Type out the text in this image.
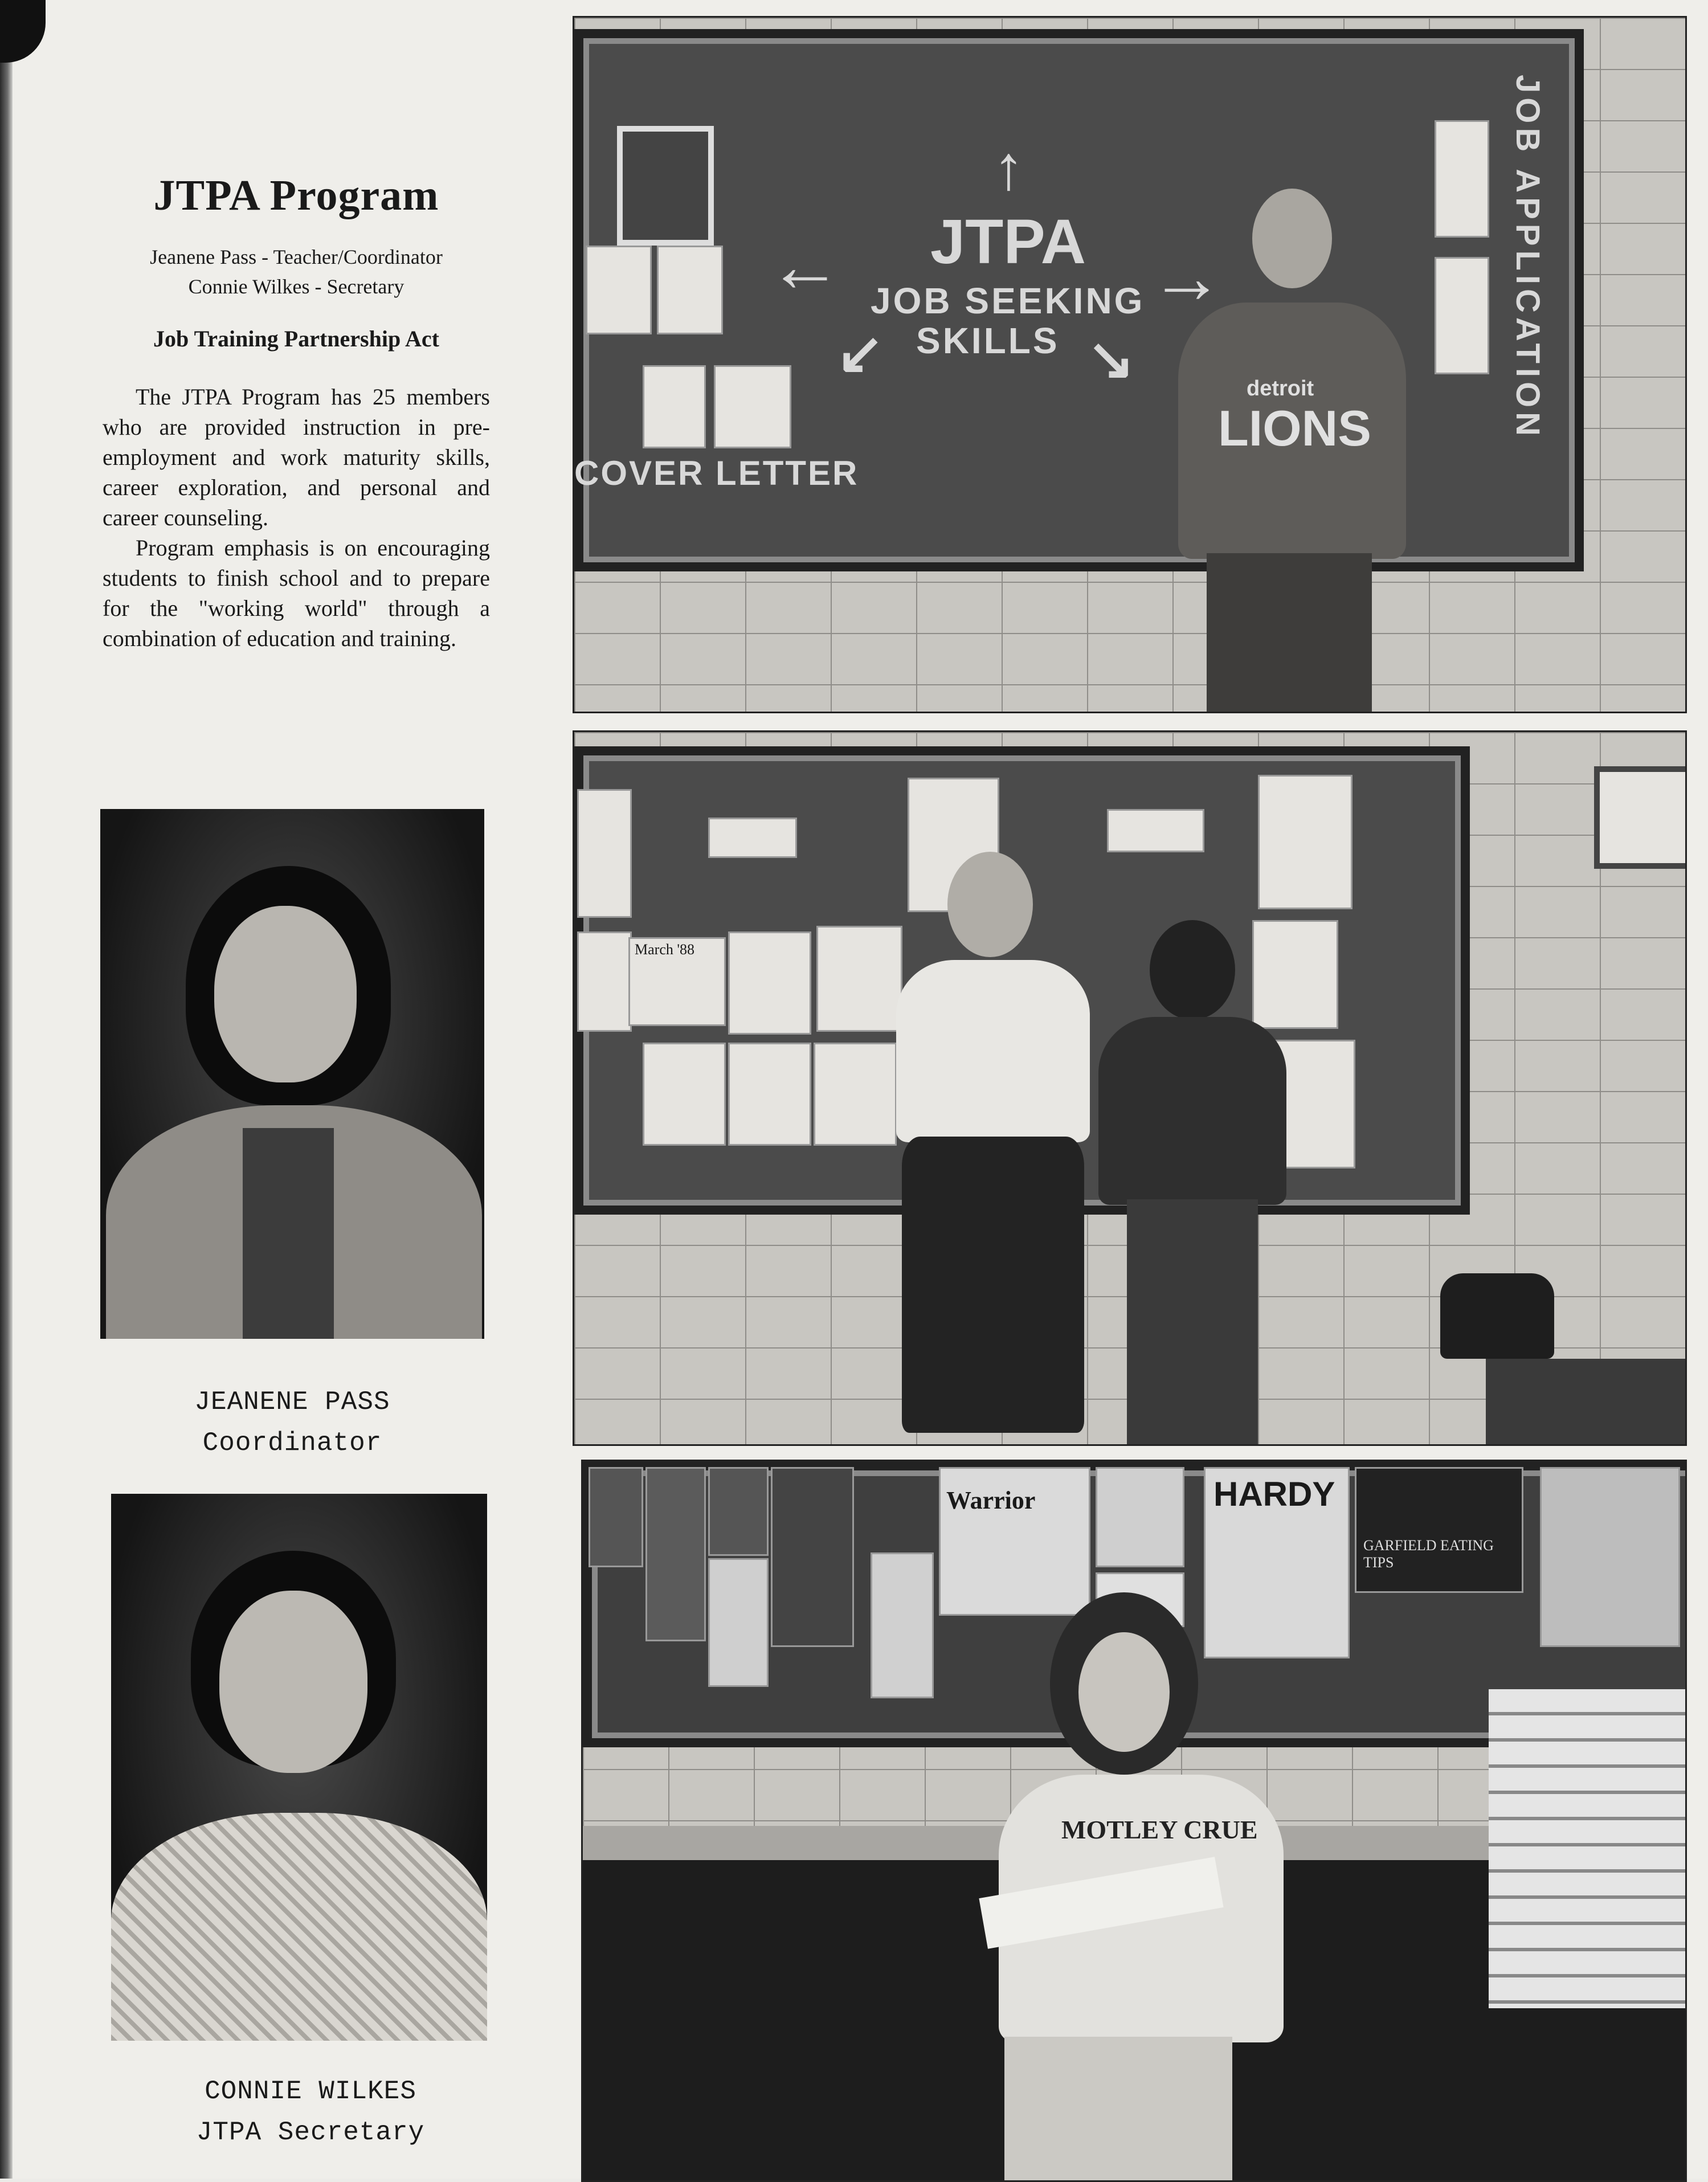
JTPA Program
Jeanene Pass - Teacher/Coordinator
Connie Wilkes - Secretary
Job Training Partnership Act

The JTPA Program has 25 members who are provided instruction in pre-employment and work maturity skills, career exploration, and personal and career counseling.

Program emphasis is on encouraging students to finish school and to prepare for the "working world" through a combination of education and training.

JEANENE PASS
Coordinator
CONNIE WILKES
JTPA Secretary
JTPA
JOB SEEKING
SKILLS
COVER LETTER
JOB APPLICATION
↑
←	→
↙	↘	detroit
LIONS
March '88
Warrior	HARDY
GARFIELD EATING TIPS
MOTLEY CRUE
